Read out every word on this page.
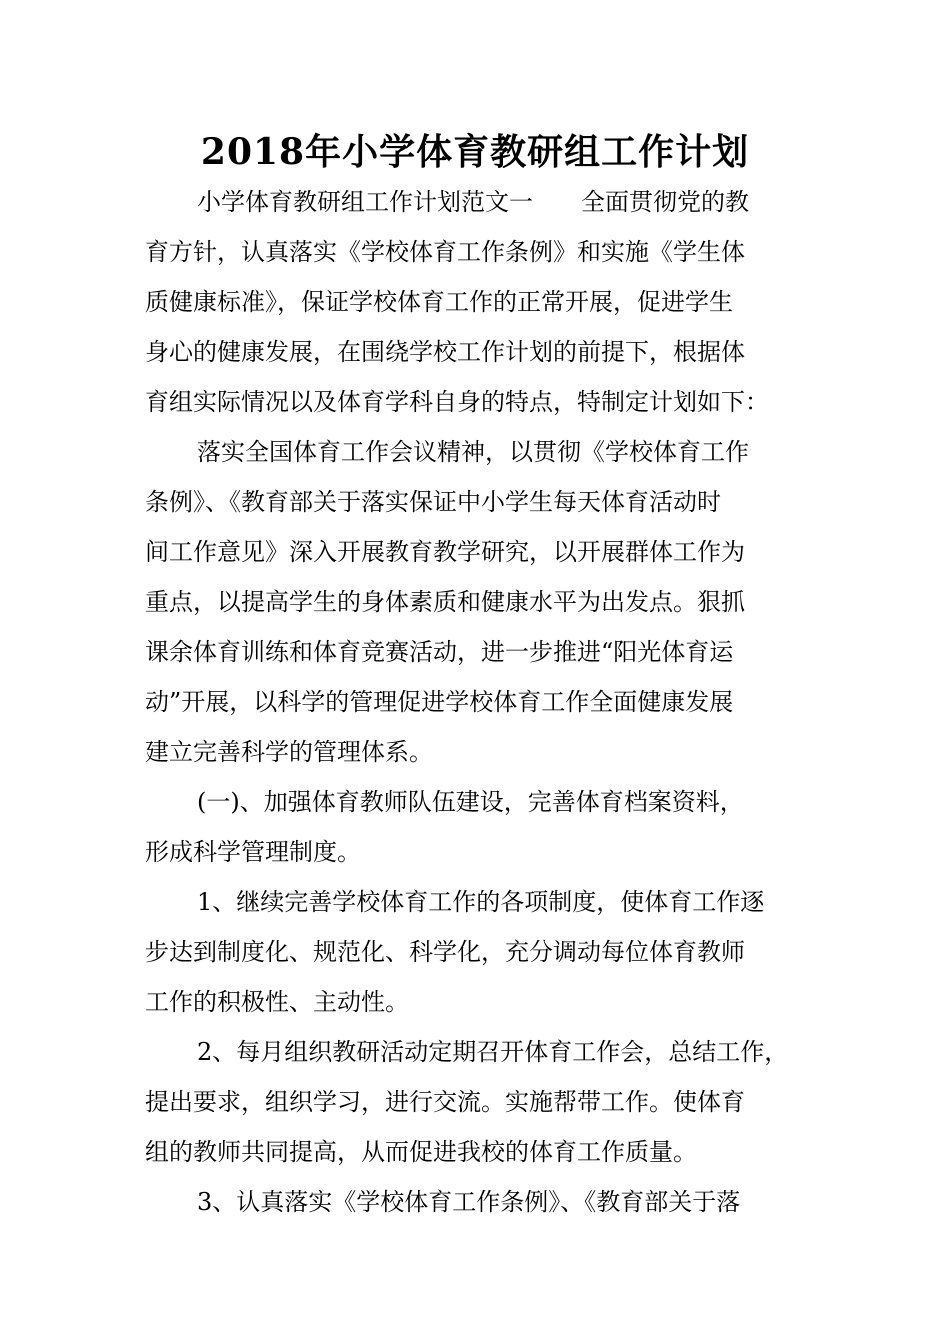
2018年小学体育教研组工作计划
小学体育教研组工作计划范文一　　全面贯彻党的教
育方针，认真落实《学校体育工作条例》和实施《学生体
质健康标准》，保证学校体育工作的正常开展，促进学生
身心的健康发展，在围绕学校工作计划的前提下，根据体
育组实际情况以及体育学科自身的特点，特制定计划如下：
落实全国体育工作会议精神，以贯彻《学校体育工作
条例》、《教育部关于落实保证中小学生每天体育活动时
间工作意见》深入开展教育教学研究，以开展群体工作为
重点，以提高学生的身体素质和健康水平为出发点。狠抓
课余体育训练和体育竞赛活动，进一步推进“阳光体育运
动”开展，以科学的管理促进学校体育工作全面健康发展
建立完善科学的管理体系。
(一)、加强体育教师队伍建设，完善体育档案资料，
形成科学管理制度。
1、继续完善学校体育工作的各项制度，使体育工作逐
步达到制度化、规范化、科学化，充分调动每位体育教师
工作的积极性、主动性。
2、每月组织教研活动定期召开体育工作会，总结工作，
提出要求，组织学习，进行交流。实施帮带工作。使体育
组的教师共同提高，从而促进我校的体育工作质量。
3、认真落实《学校体育工作条例》、《教育部关于落
